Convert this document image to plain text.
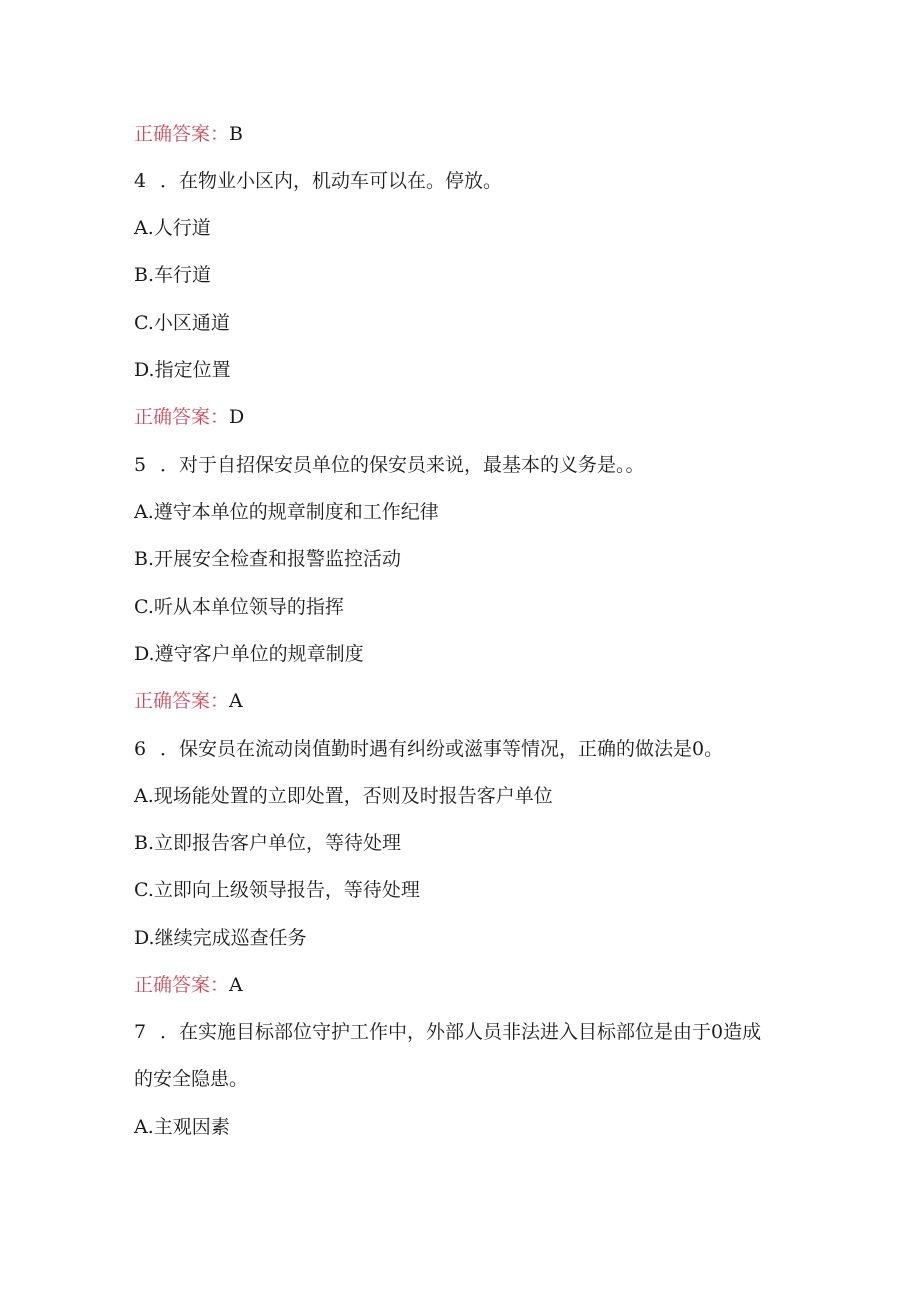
正确答案：B
4 ．在物业小区内，机动车可以在。停放。
A.人行道
B.车行道
C.小区通道
D.指定位置
正确答案：D
5 ．对于自招保安员单位的保安员来说，最基本的义务是。。
A.遵守本单位的规章制度和工作纪律
B.开展安全检查和报警监控活动
C.听从本单位领导的指挥
D.遵守客户单位的规章制度
正确答案：A
6 ．保安员在流动岗值勤时遇有纠纷或滋事等情况，正确的做法是0。
A.现场能处置的立即处置，否则及时报告客户单位
B.立即报告客户单位，等待处理
C.立即向上级领导报告，等待处理
D.继续完成巡查任务
正确答案：A
7 ．在实施目标部位守护工作中，外部人员非法进入目标部位是由于0造成
的安全隐患。
A.主观因素
